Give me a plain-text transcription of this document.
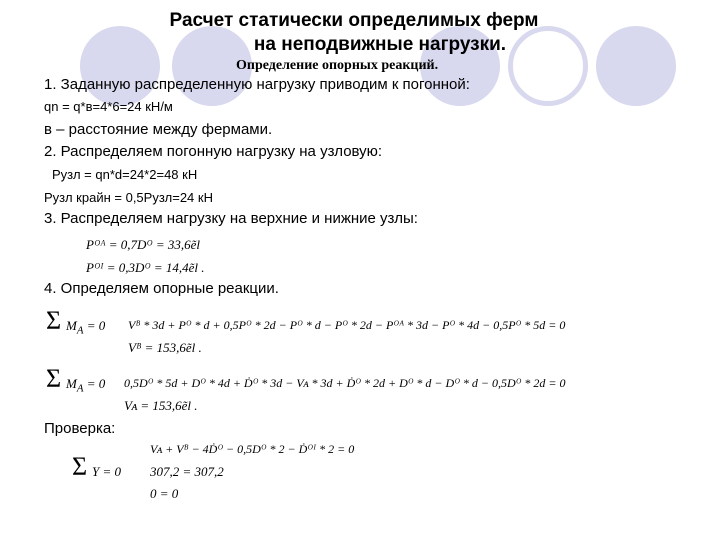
Расчет статически определимых ферм
на неподвижные нагрузки.
Определение опорных реакций.
1. Заданную распределенную нагрузку приводим к погонной:
qn = q*в=4*6=24 кН/м
в – расстояние между фермами.
2. Распределяем погонную нагрузку на узловую:
Рузл = qn*d=24*2=48 кН
Рузл крайн = 0,5Рузл=24 кН
3. Распределяем нагрузку на верхние и нижние узлы:
Pᴼᴬ = 0,7Dᴼ = 33,6ẽl
Pᴼᴵ = 0,3Dᴼ = 14,4ẽl .
4. Определяем опорные реакции.
Σ $M_A = 0$ Vᴮ * 3d + Pᴼ * d + 0,5Pᴼ * 2d − Pᴼ * d − Pᴼ * 2d − Pᴼᴬ * 3d − Pᴼ * 4d − 0,5Pᴼ * 5d = 0
Vᴮ = 153,6ẽl .
Σ $M_A = 0$ 0,5Dᴼ * 5d + Dᴼ * 4d + Ḋᴼ * 3d − Vᴀ * 3d + Ḋᴼ * 2d + Dᴼ * d − Dᴼ * d − 0,5Dᴼ * 2d = 0
Vᴀ = 153,6ẽl .
Проверка:
Vᴀ + Vᴮ − 4Ḋᴼ − 0,5Dᴼ * 2 − Ḋᴼᴵ * 2 = 0
Σ Y = 0 307,2 = 307,2
0 = 0
